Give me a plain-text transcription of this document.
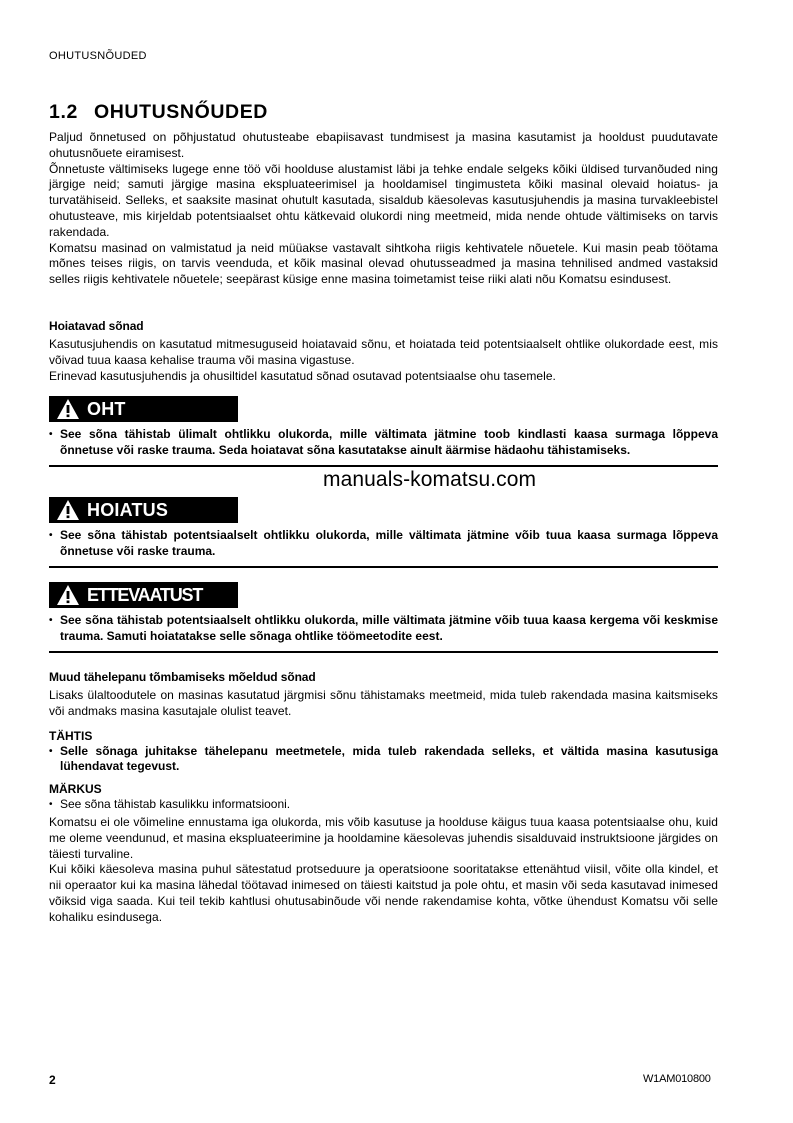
OHUTUSNÕUDED
1.2 OHUTUSNŐUDED

Paljud õnnetused on põhjustatud ohutusteabe ebapiisavast tundmisest ja masina kasutamist ja hooldust puudutavate ohutusnõuete eiramisest.

Õnnetuste vältimiseks lugege enne töö või hoolduse alustamist läbi ja tehke endale selgeks kõiki üldised turvanõuded ning järgige neid; samuti järgige masina ekspluateerimisel ja hooldamisel tingimusteta kõiki masinal olevaid hoiatus- ja turvatähiseid. Selleks, et saaksite masinat ohutult kasutada, sisaldub käesolevas kasutusjuhendis ja masina turvakleebistel ohutusteave, mis kirjeldab potentsiaalset ohtu kätkevaid olukordi ning meetmeid, mida nende ohtude vältimiseks on tarvis rakendada.

Komatsu masinad on valmistatud ja neid müüakse vastavalt sihtkoha riigis kehtivatele nõuetele. Kui masin peab töötama mõnes teises riigis, on tarvis veenduda, et kõik masinal olevad ohutusseadmed ja masina tehnilised andmed vastaksid selles riigis kehtivatele nõuetele; seepärast küsige enne masina toimetamist teise riiki alati nõu Komatsu esindusest.

Hoiatavad sõnad

Kasutusjuhendis on kasutatud mitmesuguseid hoiatavaid sõnu, et hoiatada teid potentsiaalselt ohtlike olukordade eest, mis võivad tuua kaasa kehalise trauma või masina vigastuse.

Erinevad kasutusjuhendis ja ohusiltidel kasutatud sõnad osutavad potentsiaalse ohu tasemele.

OHT
• See sõna tähistab ülimalt ohtlikku olukorda, mille vältimata jätmine toob kindlasti kaasa surmaga lõppeva õnnetuse või raske trauma. Seda hoiatavat sõna kasutatakse ainult äärmise hädaohu tähistamiseks.
manuals-komatsu.com
HOIATUS
• See sõna tähistab potentsiaalselt ohtlikku olukorda, mille vältimata jätmine võib tuua kaasa surmaga lõppeva õnnetuse või raske trauma.
ETTEVAATUST
• See sõna tähistab potentsiaalselt ohtlikku olukorda, mille vältimata jätmine võib tuua kaasa kergema või keskmise trauma. Samuti hoiatatakse selle sõnaga ohtlike töömeetodite eest.
Muud tähelepanu tõmbamiseks mõeldud sõnad

Lisaks ülaltoodutele on masinas kasutatud järgmisi sõnu tähistamaks meetmeid, mida tuleb rakendada masina kaitsmiseks või andmaks masina kasutajale olulist teavet.

TÄHTIS
• Selle sõnaga juhitakse tähelepanu meetmetele, mida tuleb rakendada selleks, et vältida masina kasutusiga lühendavat tegevust.
MÄRKUS
• See sõna tähistab kasulikku informatsiooni.

Komatsu ei ole võimeline ennustama iga olukorda, mis võib kasutuse ja hoolduse käigus tuua kaasa potentsiaalse ohu, kuid me oleme veendunud, et masina ekspluateerimine ja hooldamine käesolevas juhendis sisalduvaid instruktsioone järgides on täiesti turvaline.

Kui kõiki käesoleva masina puhul sätestatud protseduure ja operatsioone sooritatakse ettenähtud viisil, võite olla kindel, et nii operaator kui ka masina lähedal töötavad inimesed on täiesti kaitstud ja pole ohtu, et masin või seda kasutavad inimesed võiksid viga saada. Kui teil tekib kahtlusi ohutusabinõude või nende rakendamise kohta, võtke ühendust Komatsu või selle kohaliku esindusega.

2	W1AM010800
